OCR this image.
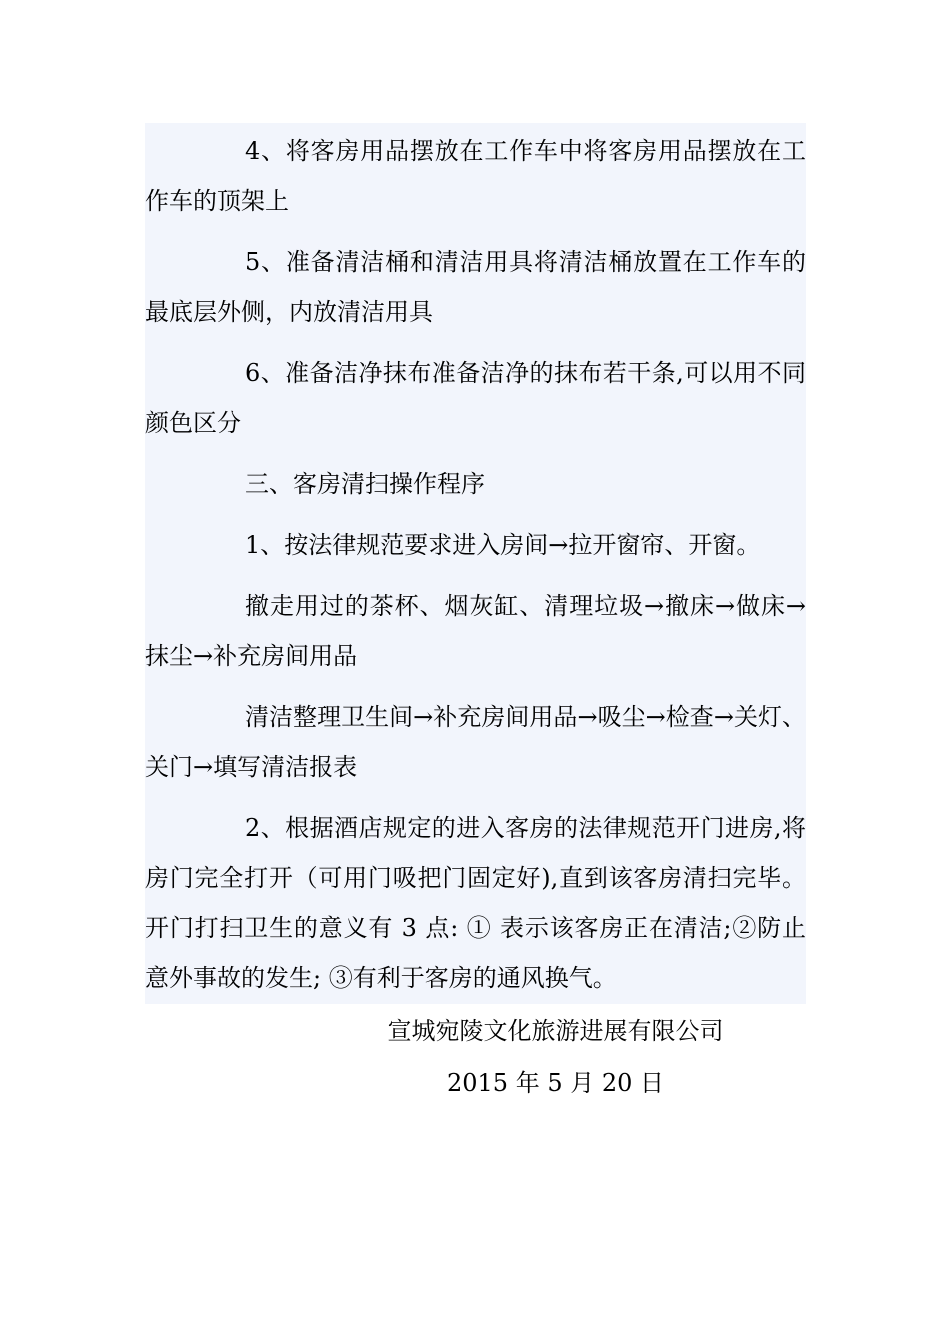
4、将客房用品摆放在工作车中将客房用品摆放在工作车的顶架上

5、准备清洁桶和清洁用具将清洁桶放置在工作车的最底层外侧，内放清洁用具

6、准备洁净抹布准备洁净的抹布若干条,可以用不同颜色区分

三、客房清扫操作程序

1、按法律规范要求进入房间→拉开窗帘、开窗。

撤走用过的茶杯、烟灰缸、清理垃圾→撤床→做床→抹尘→补充房间用品

清洁整理卫生间→补充房间用品→吸尘→检查→关灯、关门→填写清洁报表

2、根据酒店规定的进入客房的法律规范开门进房,将房门完全打开（可用门吸把门固定好),直到该客房清扫完毕。开门打扫卫生的意义有 3 点: ① 表示该客房正在清洁;②防止意外事故的发生; ③有利于客房的通风换气。

宣城宛陵文化旅游进展有限公司
2015 年 5 月 20 日
